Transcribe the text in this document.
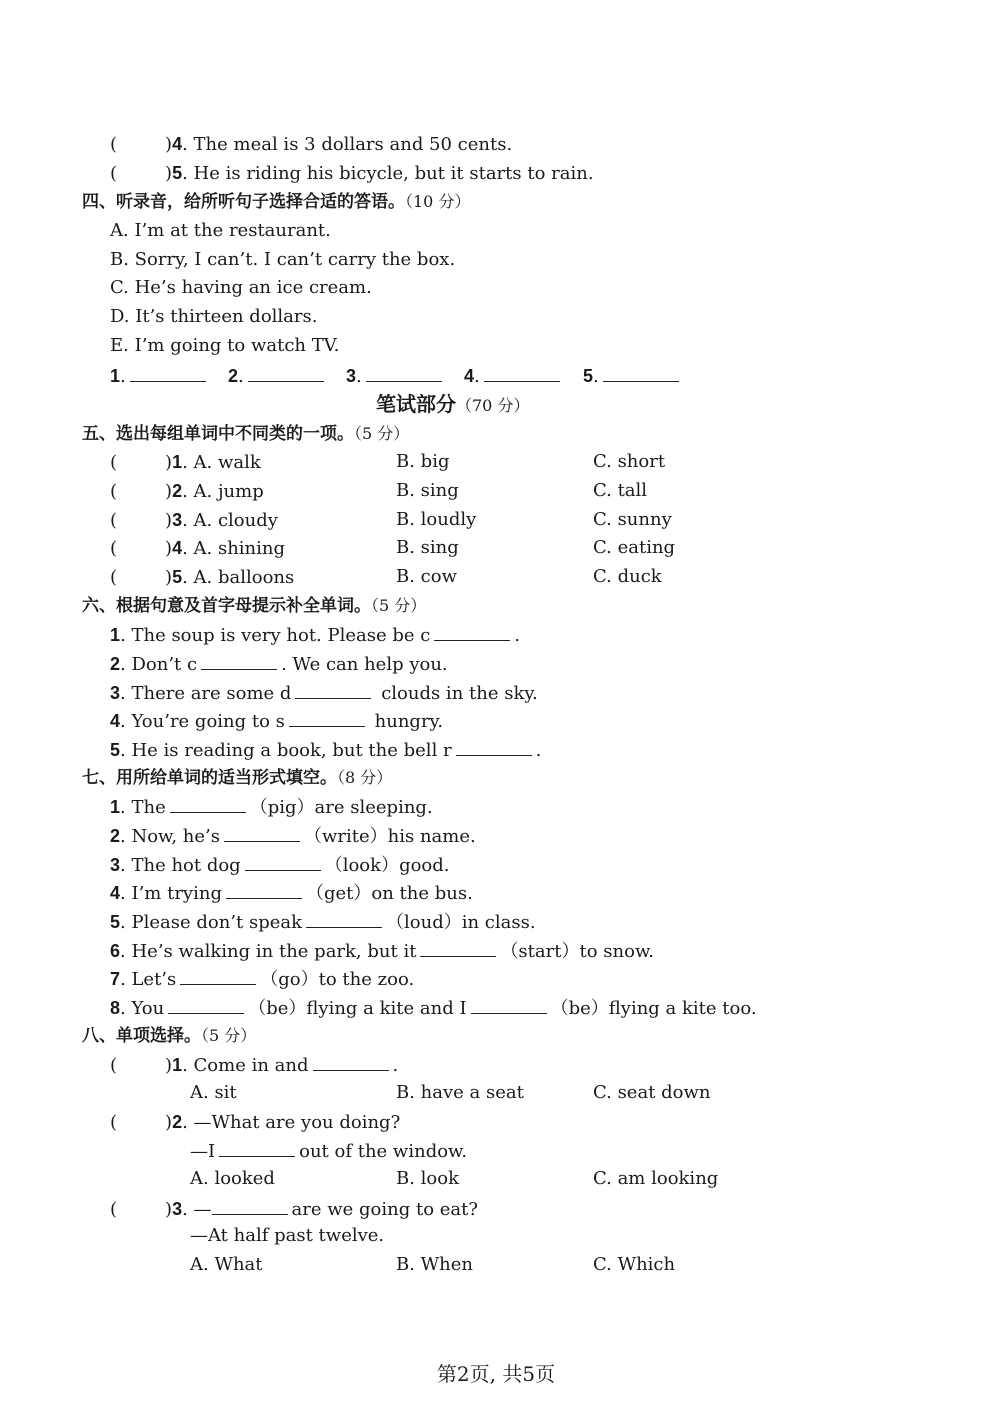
(	)4. The meal is 3 dollars and 50 cents.
(	)5. He is riding his bicycle, but it starts to rain.
四、听录音，给所听句子选择合适的答语。（10 分）
A. I’m at the restaurant.
B. Sorry, I can’t. I can’t carry the box.
C. He’s having an ice cream.
D. It’s thirteen dollars.
E. I’m going to watch TV.
1.	2.	3.	4.	5.
笔试部分（70 分）
五、选出每组单词中不同类的一项。（5 分）
(	)1. A. walk	B. big	C. short
(	)2. A. jump	B. sing	C. tall
(	)3. A. cloudy	B. loudly	C. sunny
(	)4. A. shining	B. sing	C. eating
(	)5. A. balloons	B. cow	C. duck
六、根据句意及首字母提示补全单词。（5 分）
1. The soup is very hot. Please be c	.
2. Don’t c	. We can help you.
3. There are some d	clouds in the sky.
4. You’re going to s	hungry.
5. He is reading a book, but the bell r	.
七、用所给单词的适当形式填空。（8 分）
1. The	（pig）are sleeping.
2. Now, he’s	（write）his name.
3. The hot dog	（look）good.
4. I’m trying	（get）on the bus.
5. Please don’t speak	（loud）in class.
6. He’s walking in the park, but it	（start）to snow.
7. Let’s	（go）to the zoo.
8. You	（be）flying a kite and I	（be）flying a kite too.
八、单项选择。（5 分）
(	)1. Come in and	.
A. sit	B. have a seat	C. seat down
(	)2. —What are you doing?
—I	out of the window.
A. looked	B. look	C. am looking
(	)3. —	are we going to eat?
—At half past twelve.
A. What	B. When	C. Which
第2页, 共5页
